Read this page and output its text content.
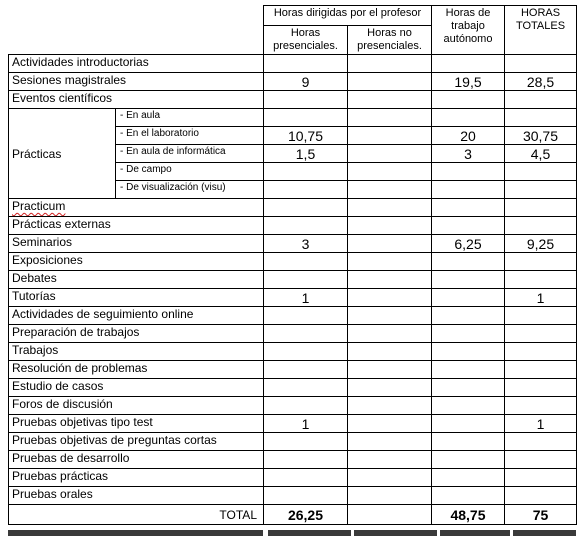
		Horas dirigidas por el profesor		Horas de trabajo autónomo	HORAS TOTALES
		Horas presenciales.	Horas no presenciales.		
Actividades introductorias					
Sesiones magistrales		9		19,5	28,5
Eventos científicos					
Prácticas	- En aula				
	- En el laboratorio	10,75		20	30,75
	- En aula de informática	1,5		3	4,5
	- De campo				
	- De visualización (visu)				
Practicum					
Prácticas externas					
Seminarios		3		6,25	9,25
Exposiciones					
Debates					
Tutorías		1			1
Actividades de seguimiento online					
Preparación de trabajos					
Trabajos					
Resolución de problemas					
Estudio de casos					
Foros de discusión					
Pruebas objetivas tipo test		1			1
Pruebas objetivas de preguntas cortas					
Pruebas de desarrollo					
Pruebas prácticas					
Pruebas orales					
TOTAL		26,25		48,75	75
